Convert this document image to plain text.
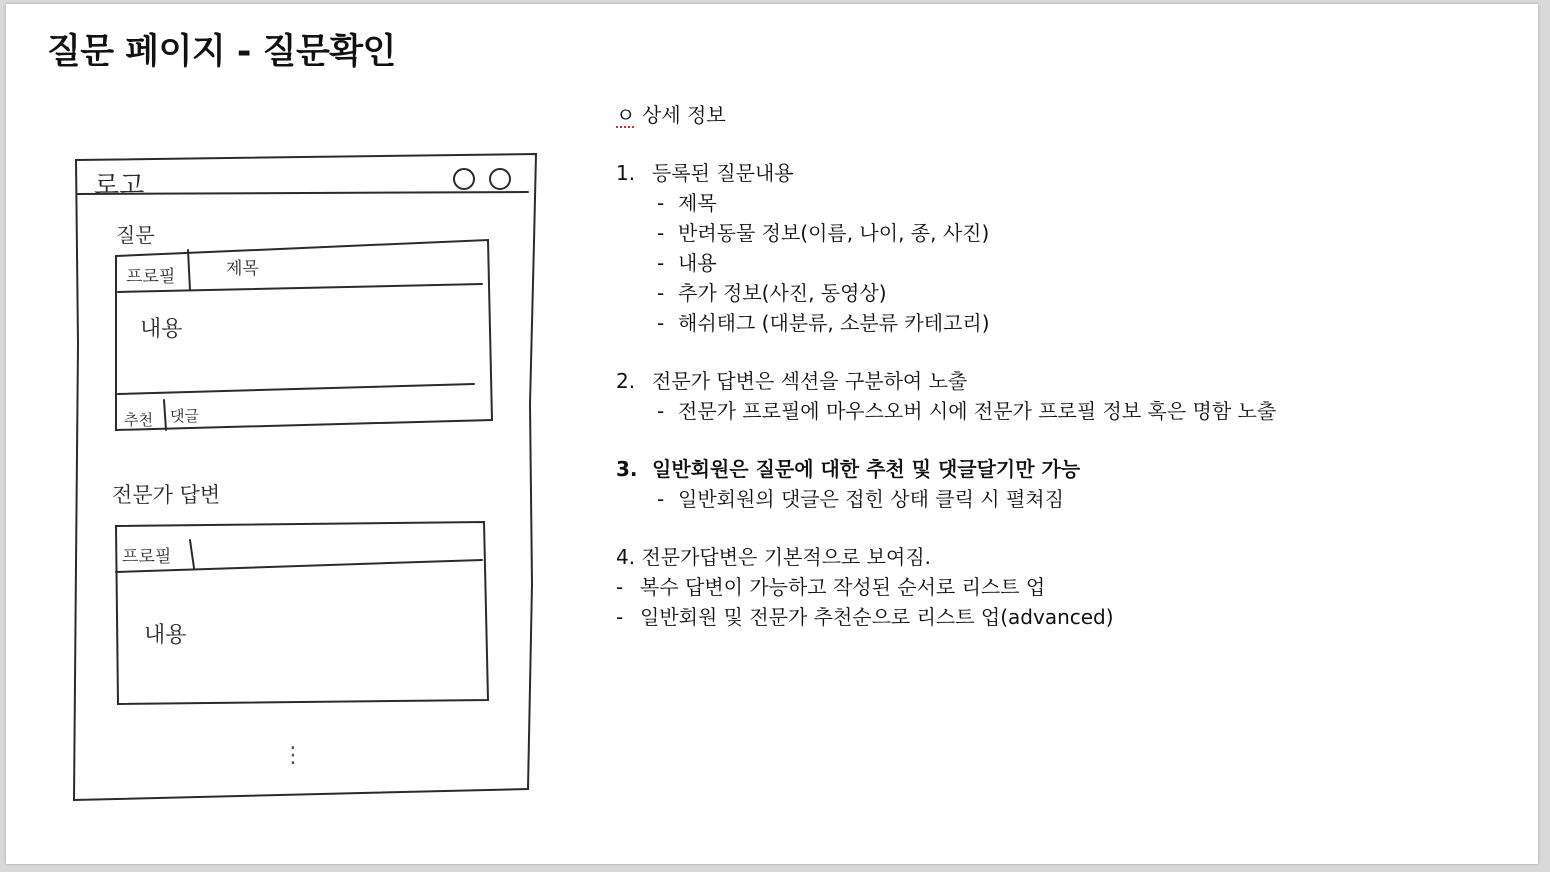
질문 페이지 - 질문확인
로고
질문
프로필	제목
내용
추천 댓글
전문가 답변
프로필
내용
⋮
ㅇ 상세 정보
1. 등록된 질문내용
- 제목
- 반려동물 정보(이름, 나이, 종, 사진)
- 내용
- 추가 정보(사진, 동영상)
- 해쉬태그 (대분류, 소분류 카테고리)
2. 전문가 답변은 섹션을 구분하여 노출
- 전문가 프로필에 마우스오버 시에 전문가 프로필 정보 혹은 명함 노출
3. 일반회원은 질문에 대한 추천 및 댓글달기만 가능
- 일반회원의 댓글은 접힌 상태 클릭 시 펼쳐짐
4. 전문가답변은 기본적으로 보여짐.
- 복수 답변이 가능하고 작성된 순서로 리스트 업
- 일반회원 및 전문가 추천순으로 리스트 업(advanced)
